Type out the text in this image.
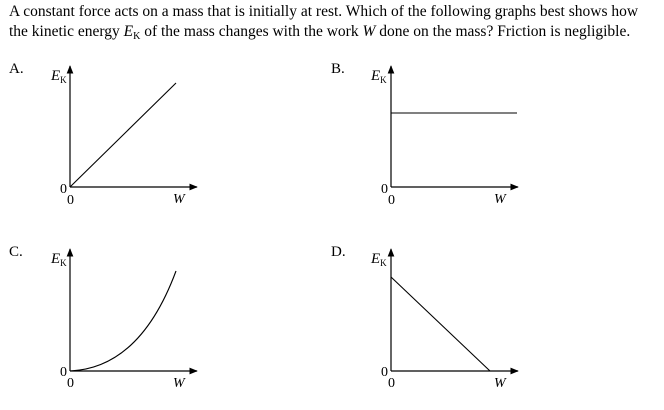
A constant force acts on a mass that is initially at rest. Which of the following graphs best shows how

the kinetic energy $E_K$ of the mass changes with the work W done on the mass? Friction is negligible.

A.	B.
C.	D.
$E_K$
0
0	W
$E_K$
0
0	W
$E_K$
0
0	W
$E_K$
0
0	W
